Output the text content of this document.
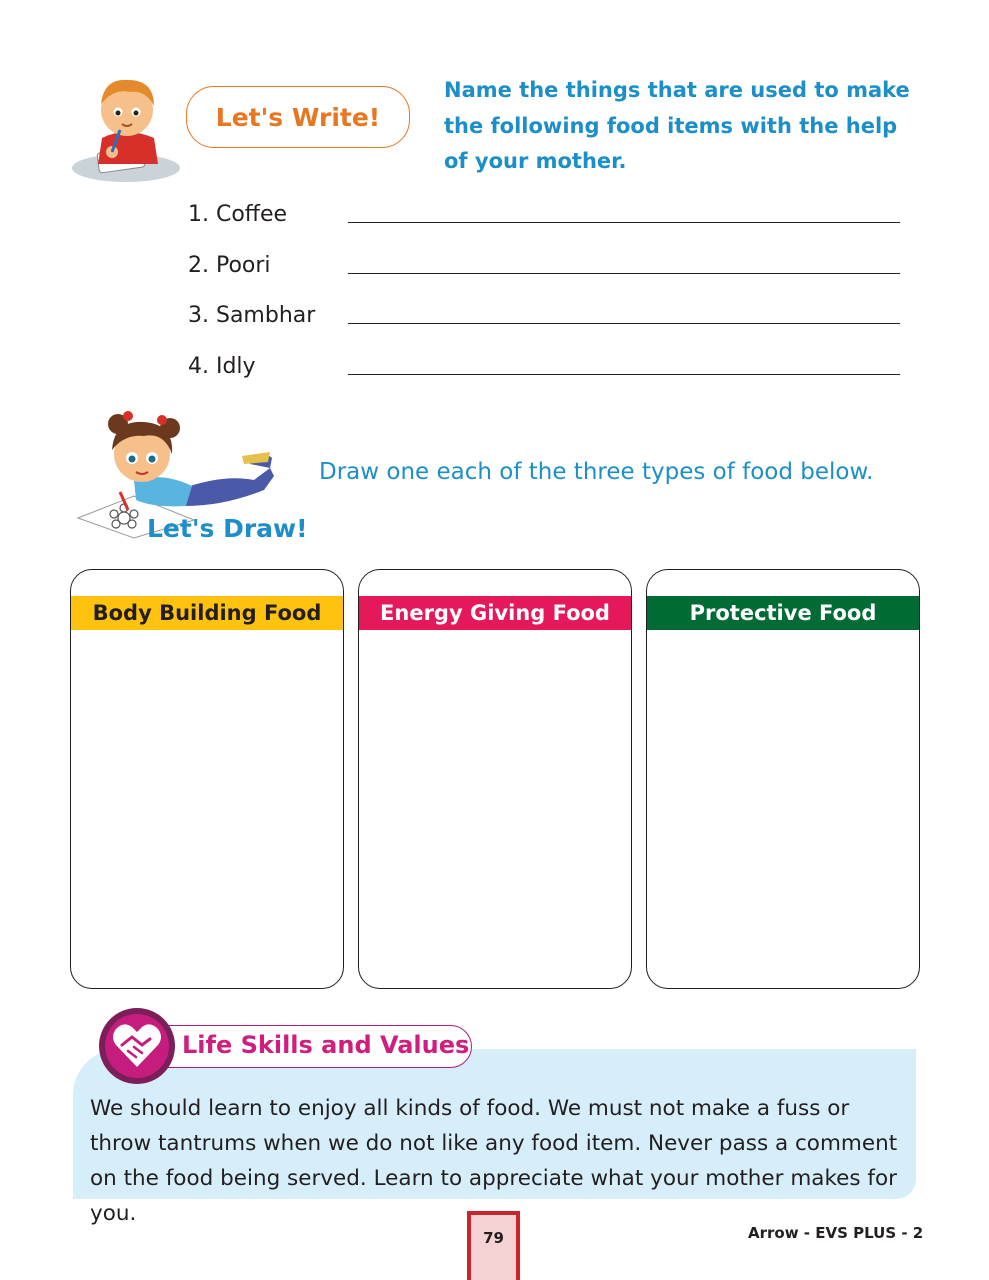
Let's Write!
Name the things that are used to make the following food items with the help of your mother.
1. Coffee
2. Poori
3. Sambhar
4. Idly
Let's Draw!
Draw one each of the three types of food below.
Body Building Food	Energy Giving Food	Protective Food
Life Skills and Values
We should learn to enjoy all kinds of food. We must not make a fuss or throw tantrums when we do not like any food item. Never pass a comment on the food being served. Learn to appreciate what your mother makes for you.
79	Arrow - EVS PLUS - 2
